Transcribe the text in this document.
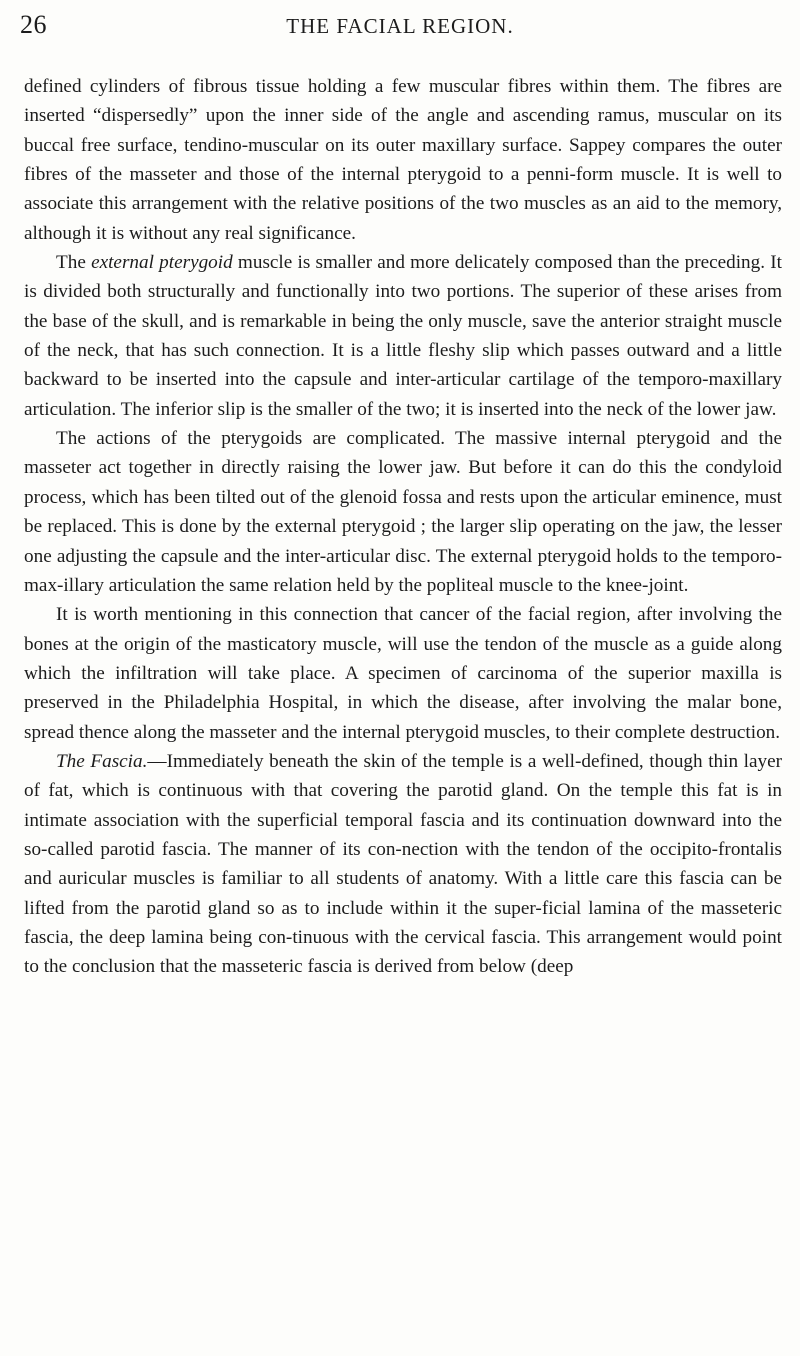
26	THE FACIAL REGION.

defined cylinders of fibrous tissue holding a few muscular fibres within them. The fibres are inserted “dispersedly” upon the inner side of the angle and ascending ramus, muscular on its buccal free surface, tendino-muscular on its outer maxillary surface. Sappey compares the outer fibres of the masseter and those of the internal pterygoid to a penni-form muscle. It is well to associate this arrangement with the relative positions of the two muscles as an aid to the memory, although it is without any real significance.

The external pterygoid muscle is smaller and more delicately composed than the preceding. It is divided both structurally and functionally into two portions. The superior of these arises from the base of the skull, and is remarkable in being the only muscle, save the anterior straight muscle of the neck, that has such connection. It is a little fleshy slip which passes outward and a little backward to be inserted into the capsule and inter-articular cartilage of the temporo-maxillary articulation. The inferior slip is the smaller of the two; it is inserted into the neck of the lower jaw.

The actions of the pterygoids are complicated. The massive internal pterygoid and the masseter act together in directly raising the lower jaw. But before it can do this the condyloid process, which has been tilted out of the glenoid fossa and rests upon the articular eminence, must be replaced. This is done by the external pterygoid ; the larger slip operating on the jaw, the lesser one adjusting the capsule and the inter-articular disc. The external pterygoid holds to the temporo-max-illary articulation the same relation held by the popliteal muscle to the knee-joint.

It is worth mentioning in this connection that cancer of the facial region, after involving the bones at the origin of the masticatory muscle, will use the tendon of the muscle as a guide along which the infiltration will take place. A specimen of carcinoma of the superior maxilla is preserved in the Philadelphia Hospital, in which the disease, after involving the malar bone, spread thence along the masseter and the internal pterygoid muscles, to their complete destruction.

The Fascia.—Immediately beneath the skin of the temple is a well-defined, though thin layer of fat, which is continuous with that covering the parotid gland. On the temple this fat is in intimate association with the superficial temporal fascia and its continuation downward into the so-called parotid fascia. The manner of its con-nection with the tendon of the occipito-frontalis and auricular muscles is familiar to all students of anatomy. With a little care this fascia can be lifted from the parotid gland so as to include within it the super-ficial lamina of the masseteric fascia, the deep lamina being con-tinuous with the cervical fascia. This arrangement would point to the conclusion that the masseteric fascia is derived from below (deep
